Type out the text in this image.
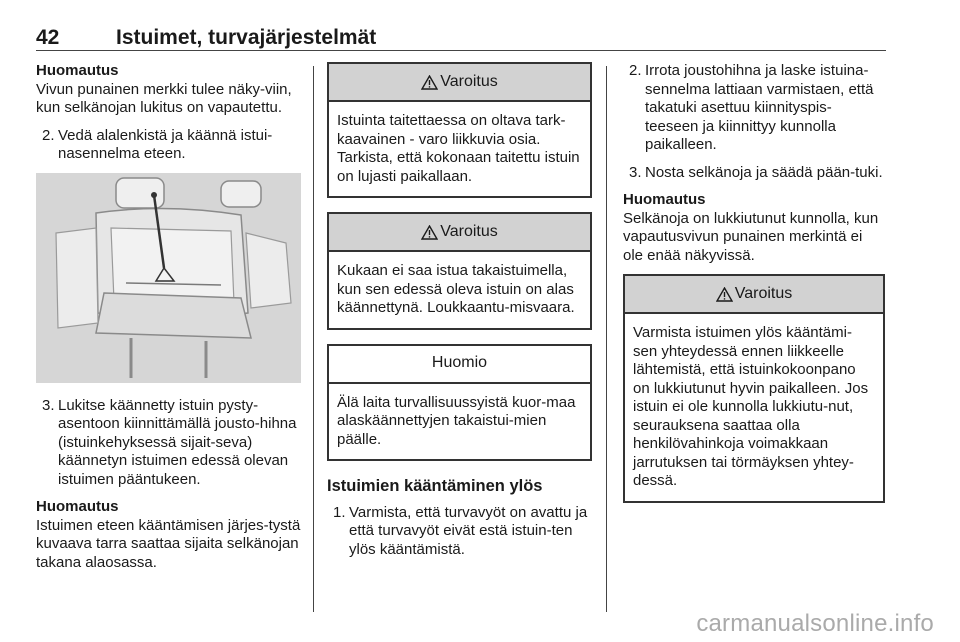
42	Istuimet, turvajärjestelmät
Huomautus
Vivun punainen merkki tulee näky-viin, kun selkänojan lukitus on vapautettu.
2. Vedä alalenkistä ja käännä istui-nasennelma eteen.
3. Lukitse käännetty istuin pysty-asentoon kiinnittämällä jousto-hihna (istuinkehyksessä sijait-seva) käännetyn istuimen edessä olevan istuimen pääntukeen.
Huomautus
Istuimen eteen kääntämisen järjes-tystä kuvaava tarra saattaa sijaita selkänojan takana alaosassa.
Varoitus
Istuinta taitettaessa on oltava tark-kaavainen - varo liikkuvia osia. Tarkista, että kokonaan taitettu istuin on lujasti paikallaan.
Varoitus
Kukaan ei saa istua takaistuimella, kun sen edessä oleva istuin on alas käännettynä. Loukkaantu-misvaara.
Huomio
Älä laita turvallisuussyistä kuor-maa alaskäännettyjen takaistui-mien päälle.
Istuimien kääntäminen ylös
1. Varmista, että turvavyöt on avattu ja että turvavyöt eivät estä istuin-ten ylös kääntämistä.
2. Irrota joustohihna ja laske istuina-sennelma lattiaan varmistaen, että takatuki asettuu kiinnityspis-teeseen ja kiinnittyy kunnolla paikalleen.
3. Nosta selkänoja ja säädä pään-tuki.
Huomautus
Selkänoja on lukkiutunut kunnolla, kun vapautusvivun punainen merkintä ei ole enää näkyvissä.
Varoitus
Varmista istuimen ylös kääntämi-sen yhteydessä ennen liikkeelle lähtemistä, että istuinkokoonpano on lukkiutunut hyvin paikalleen. Jos istuin ei ole kunnolla lukkiutu-nut, seurauksena saattaa olla henkilövahinkoja voimakkaan jarrutuksen tai törmäyksen yhtey-dessä.
carmanualsonline.info
